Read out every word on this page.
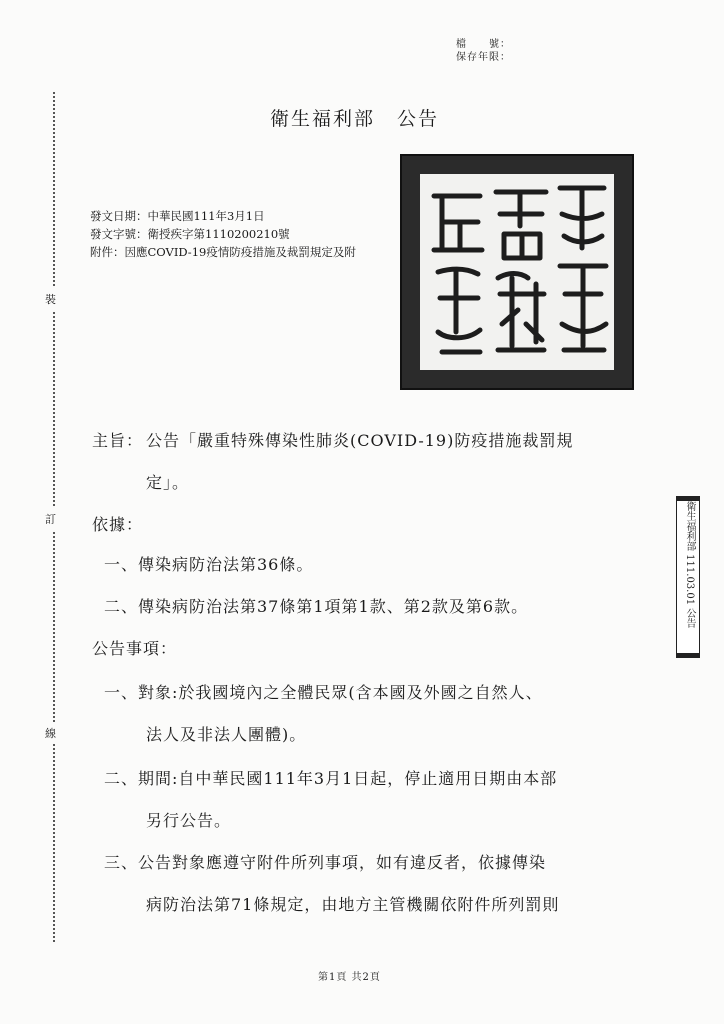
檔　　號：
保存年限：
衛生福利部 公告
發文日期：中華民國111年3月1日
發文字號：衛授疾字第1110200210號
附件：因應COVID-19疫情防疫措施及裁罰規定及附
裝
訂
線
主旨： 公告「嚴重特殊傳染性肺炎(COVID-19)防疫措施裁罰規
定」。
依據：
一、傳染病防治法第36條。
二、傳染病防治法第37條第1項第1款、第2款及第6款。
公告事項：
一、對象:於我國境內之全體民眾(含本國及外國之自然人、
法人及非法人團體)。
二、期間:自中華民國111年3月1日起，停止適用日期由本部
另行公告。
三、公告對象應遵守附件所列事項，如有違反者，依據傳染
病防治法第71條規定，由地方主管機關依附件所列罰則
衛生福利部 111.03.01 公告
第1頁 共2頁
